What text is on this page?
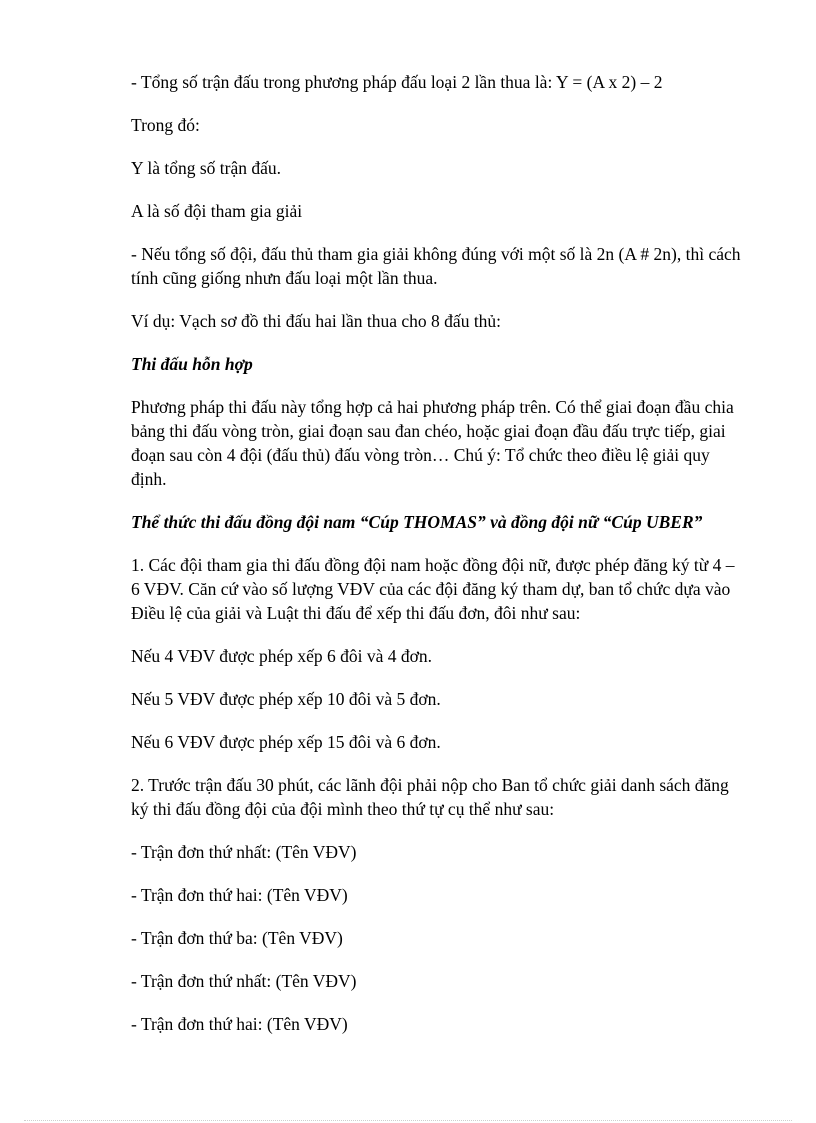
- Tổng số trận đấu trong phương pháp đấu loại 2 lần thua là: Y = (A x 2) – 2

Trong đó:

Y là tổng số trận đấu.

A là số đội tham gia giải

- Nếu tổng số đội, đấu thủ tham gia giải không đúng với một số là 2n (A # 2n), thì cách tính cũng giống nhưn đấu loại một lần thua.

Ví dụ: Vạch sơ đồ thi đấu hai lần thua cho 8 đấu thủ:

Thi đấu hỗn hợp

Phương pháp thi đấu này tổng hợp cả hai phương pháp trên. Có thể giai đoạn đầu chia bảng thi đấu vòng tròn, giai đoạn sau đan chéo, hoặc giai đoạn đầu đấu trực tiếp, giai đoạn sau còn 4 đội (đấu thủ) đấu vòng tròn… Chú ý: Tổ chức theo điều lệ giải quy định.

Thể thức thi đấu đồng đội nam “Cúp THOMAS” và đồng đội nữ “Cúp UBER”

1. Các đội tham gia thi đấu đồng đội nam hoặc đồng đội nữ, được phép đăng ký từ 4 – 6 VĐV. Căn cứ vào số lượng VĐV của các đội đăng ký tham dự, ban tổ chức dựa vào Điều lệ của giải và Luật thi đấu để xếp thi đấu đơn, đôi như sau:

Nếu 4 VĐV được phép xếp 6 đôi và 4 đơn.

Nếu 5 VĐV được phép xếp 10 đôi và 5 đơn.

Nếu 6 VĐV được phép xếp 15 đôi và 6 đơn.

2. Trước trận đấu 30 phút, các lãnh đội phải nộp cho Ban tổ chức giải danh sách đăng ký thi đấu đồng đội của đội mình theo thứ tự cụ thể như sau:

- Trận đơn thứ nhất: (Tên VĐV)

- Trận đơn thứ hai: (Tên VĐV)

- Trận đơn thứ ba: (Tên VĐV)

- Trận đơn thứ nhất: (Tên VĐV)

- Trận đơn thứ hai: (Tên VĐV)
